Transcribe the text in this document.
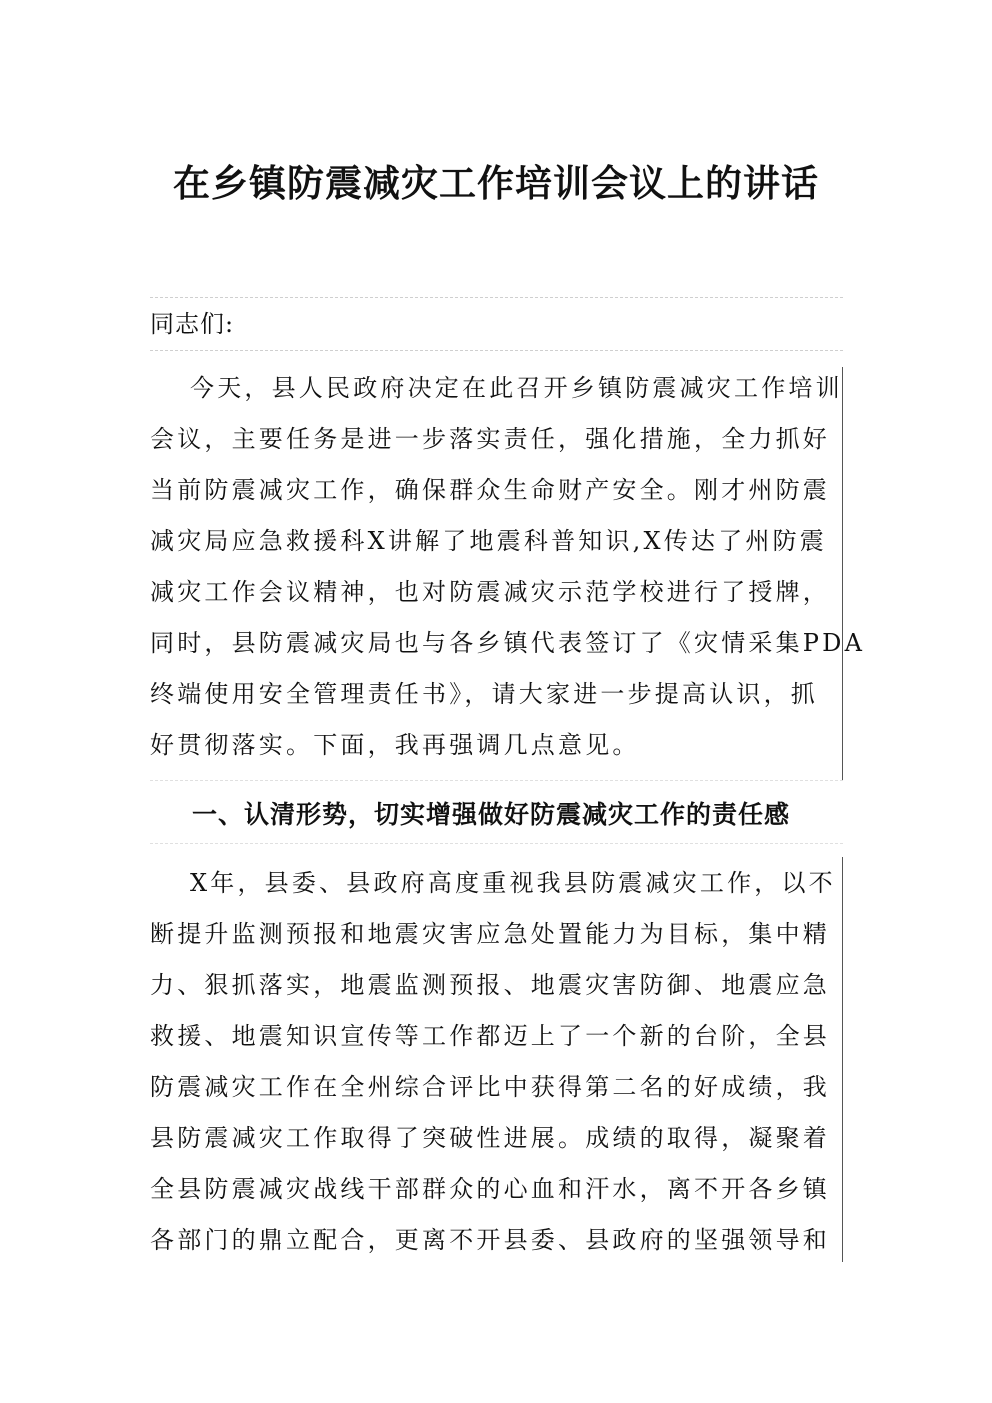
在乡镇防震减灾工作培训会议上的讲话
同志们:
今天，县人民政府决定在此召开乡镇防震减灾工作培训
会议，主要任务是进一步落实责任，强化措施，全力抓好
当前防震减灾工作，确保群众生命财产安全。刚才州防震
减灾局应急救援科X讲解了地震科普知识,X传达了州防震
减灾工作会议精神，也对防震减灾示范学校进行了授牌，
同时，县防震减灾局也与各乡镇代表签订了《灾情采集PDA
终端使用安全管理责任书》，请大家进一步提高认识，抓
好贯彻落实。下面，我再强调几点意见。
一、认清形势，切实增强做好防震减灾工作的责任感
X年，县委、县政府高度重视我县防震减灾工作，以不
断提升监测预报和地震灾害应急处置能力为目标，集中精
力、狠抓落实，地震监测预报、地震灾害防御、地震应急
救援、地震知识宣传等工作都迈上了一个新的台阶，全县
防震减灾工作在全州综合评比中获得第二名的好成绩，我
县防震减灾工作取得了突破性进展。成绩的取得，凝聚着
全县防震减灾战线干部群众的心血和汗水，离不开各乡镇
各部门的鼎立配合，更离不开县委、县政府的坚强领导和
